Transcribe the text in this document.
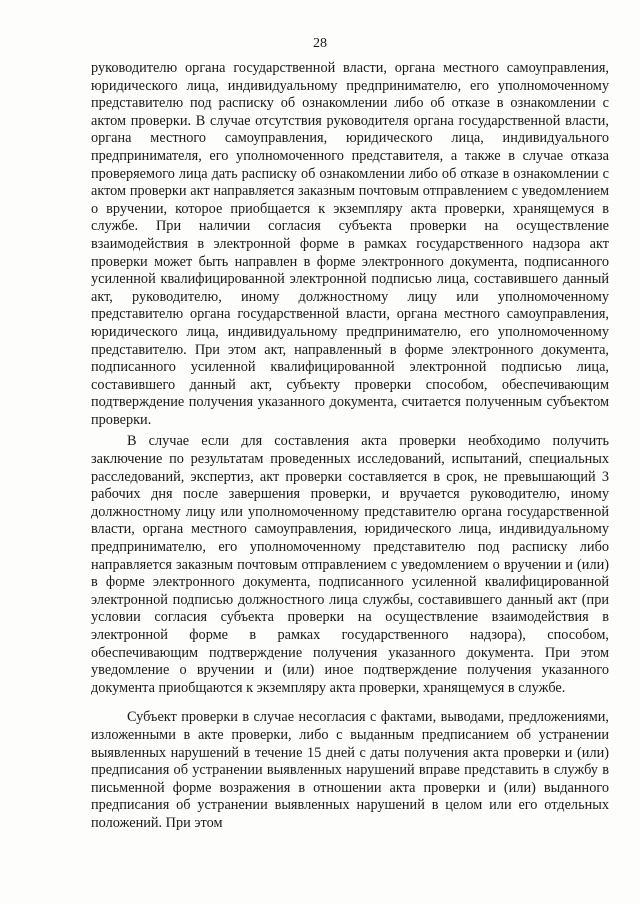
28

руководителю органа государственной власти, органа местного самоуправления, юридического лица, индивидуальному предпринимателю, его уполномоченному представителю под расписку об ознакомлении либо об отказе в ознакомлении с актом проверки. В случае отсутствия руководителя органа государственной власти, органа местного самоуправления, юридического лица, индивидуального предпринимателя, его уполномоченного представителя, а также в случае отказа проверяемого лица дать расписку об ознакомлении либо об отказе в ознакомлении с актом проверки акт направляется заказным почтовым отправлением с уведомлением о вручении, которое приобщается к экземпляру акта проверки, хранящемуся в службе. При наличии согласия субъекта проверки на осуществление взаимодействия в электронной форме в рамках государственного надзора акт проверки может быть направлен в форме электронного документа, подписанного усиленной квалифицированной электронной подписью лица, составившего данный акт, руководителю, иному должностному лицу или уполномоченному представителю органа государственной власти, органа местного самоуправления, юридического лица, индивидуальному предпринимателю, его уполномоченному представителю. При этом акт, направленный в форме электронного документа, подписанного усиленной квалифицированной электронной подписью лица, составившего данный акт, субъекту проверки способом, обеспечивающим подтверждение получения указанного документа, считается полученным субъектом проверки.

В случае если для составления акта проверки необходимо получить заключение по результатам проведенных исследований, испытаний, специальных расследований, экспертиз, акт проверки составляется в срок, не превышающий 3 рабочих дня после завершения проверки, и вручается руководителю, иному должностному лицу или уполномоченному представителю органа государственной власти, органа местного самоуправления, юридического лица, индивидуальному предпринимателю, его уполномоченному представителю под расписку либо направляется заказным почтовым отправлением с уведомлением о вручении и (или) в форме электронного документа, подписанного усиленной квалифицированной электронной подписью должностного лица службы, составившего данный акт (при условии согласия субъекта проверки на осуществление взаимодействия в электронной форме в рамках государственного надзора), способом, обеспечивающим подтверждение получения указанного документа. При этом уведомление о вручении и (или) иное подтверждение получения указанного документа приобщаются к экземпляру акта проверки, хранящемуся в службе.

Субъект проверки в случае несогласия с фактами, выводами, предложениями, изложенными в акте проверки, либо с выданным предписанием об устранении выявленных нарушений в течение 15 дней с даты получения акта проверки и (или) предписания об устранении выявленных нарушений вправе представить в службу в письменной форме возражения в отношении акта проверки и (или) выданного предписания об устранении выявленных нарушений в целом или его отдельных положений. При этом
